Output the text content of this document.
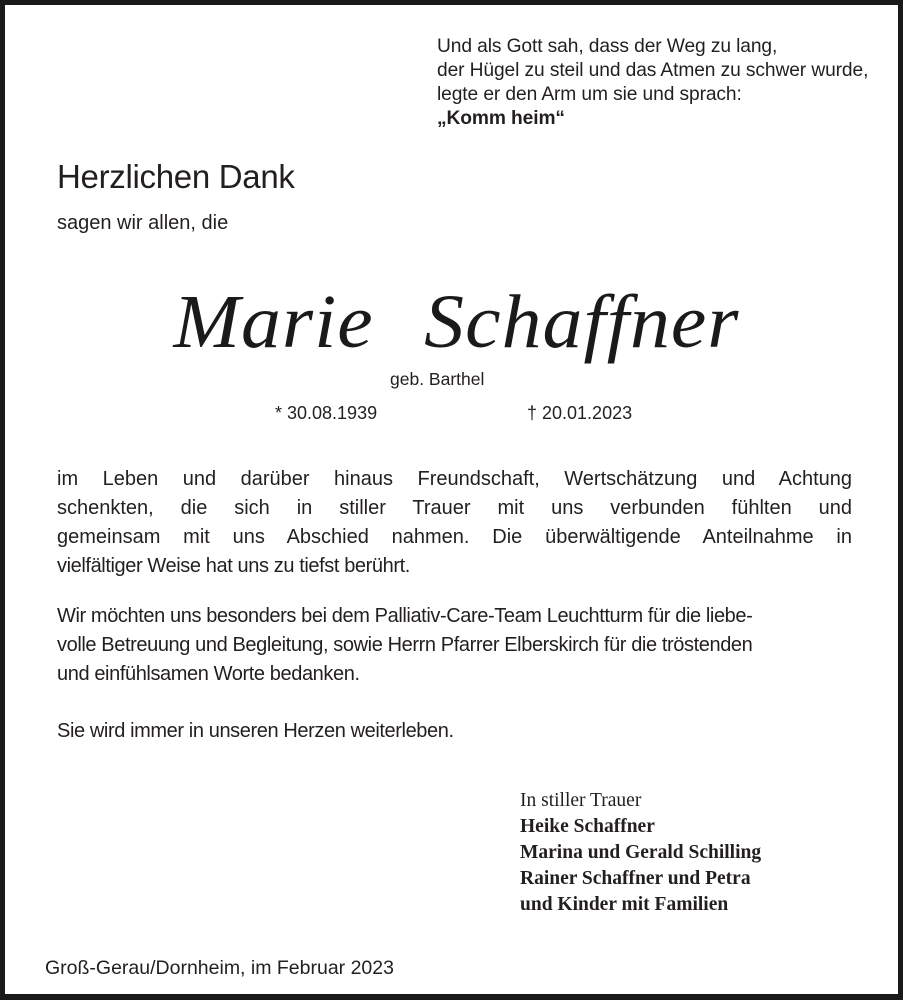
Und als Gott sah, dass der Weg zu lang,
der Hügel zu steil und das Atmen zu schwer wurde,
legte er den Arm um sie und sprach:
„Komm heim“
Herzlichen Dank
sagen wir allen, die
Marie Schaffner
geb. Barthel
* 30.08.1939	† 20.01.2023
im Leben und darüber hinaus Freundschaft, Wertschätzung und Achtung
schenkten, die sich in stiller Trauer mit uns verbunden fühlten und
gemeinsam mit uns Abschied nahmen. Die überwältigende Anteilnahme in
vielfältiger Weise hat uns zu tiefst berührt.
Wir möchten uns besonders bei dem Palliativ-Care-Team Leuchtturm für die liebe-
volle Betreuung und Begleitung, sowie Herrn Pfarrer Elberskirch für die tröstenden
und einfühlsamen Worte bedanken.
Sie wird immer in unseren Herzen weiterleben.
In stiller Trauer
Heike Schaffner
Marina und Gerald Schilling
Rainer Schaffner und Petra
und Kinder mit Familien
Groß-Gerau/Dornheim, im Februar 2023
